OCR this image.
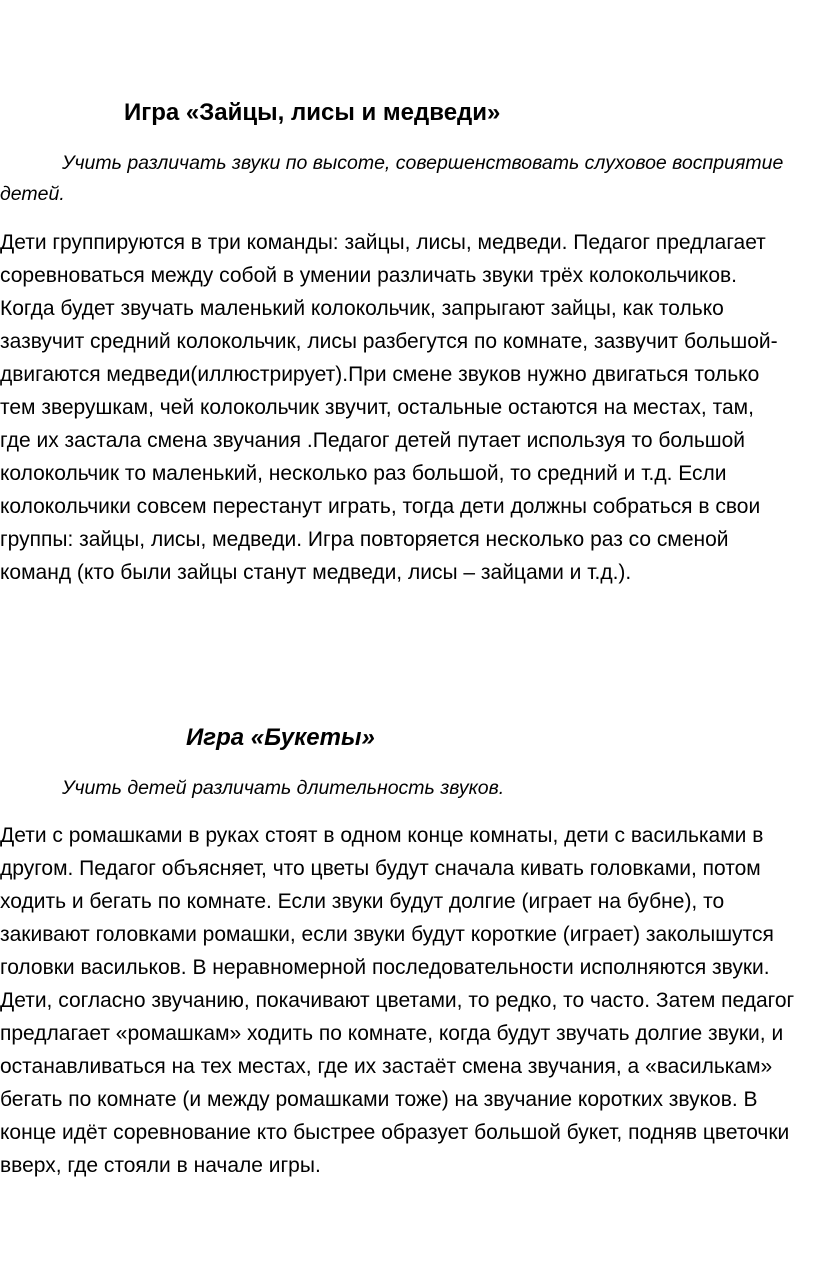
Игра «Зайцы, лисы и медведи»

Учить различать звуки по высоте, совершенствовать слуховое восприятие детей.

Дети группируются в три команды: зайцы, лисы, медведи. Педагог предлагает соревноваться между собой в умении различать звуки трёх колокольчиков. Когда будет звучать маленький колокольчик, запрыгают зайцы, как только зазвучит средний колокольчик, лисы разбегутся по комнате, зазвучит большой-двигаются медведи(иллюстрирует).При смене звуков нужно двигаться только тем зверушкам, чей колокольчик звучит, остальные остаются на местах, там, где их застала смена звучания .Педагог детей путает используя то большой колокольчик то маленький, несколько раз большой, то средний и т.д. Если колокольчики совсем перестанут играть, тогда дети должны собраться в свои группы: зайцы, лисы, медведи. Игра повторяется несколько раз со сменой команд (кто были зайцы станут медведи, лисы – зайцами и т.д.).

Игра «Букеты»

Учить детей различать длительность звуков.

Дети с ромашками в руках стоят в одном конце комнаты, дети с васильками в другом. Педагог объясняет, что цветы будут сначала кивать головками, потом ходить и бегать по комнате. Если звуки будут долгие (играет на бубне), то закивают головками ромашки, если звуки будут короткие (играет) заколышутся головки васильков. В неравномерной последовательности исполняются звуки. Дети, согласно звучанию, покачивают цветами, то редко, то часто. Затем педагог предлагает «ромашкам» ходить по комнате, когда будут звучать долгие звуки, и останавливаться на тех местах, где их застаёт смена звучания, а «василькам» бегать по комнате (и между ромашками тоже) на звучание коротких звуков. В конце идёт соревнование кто быстрее образует большой букет, подняв цветочки вверх, где стояли в начале игры.
